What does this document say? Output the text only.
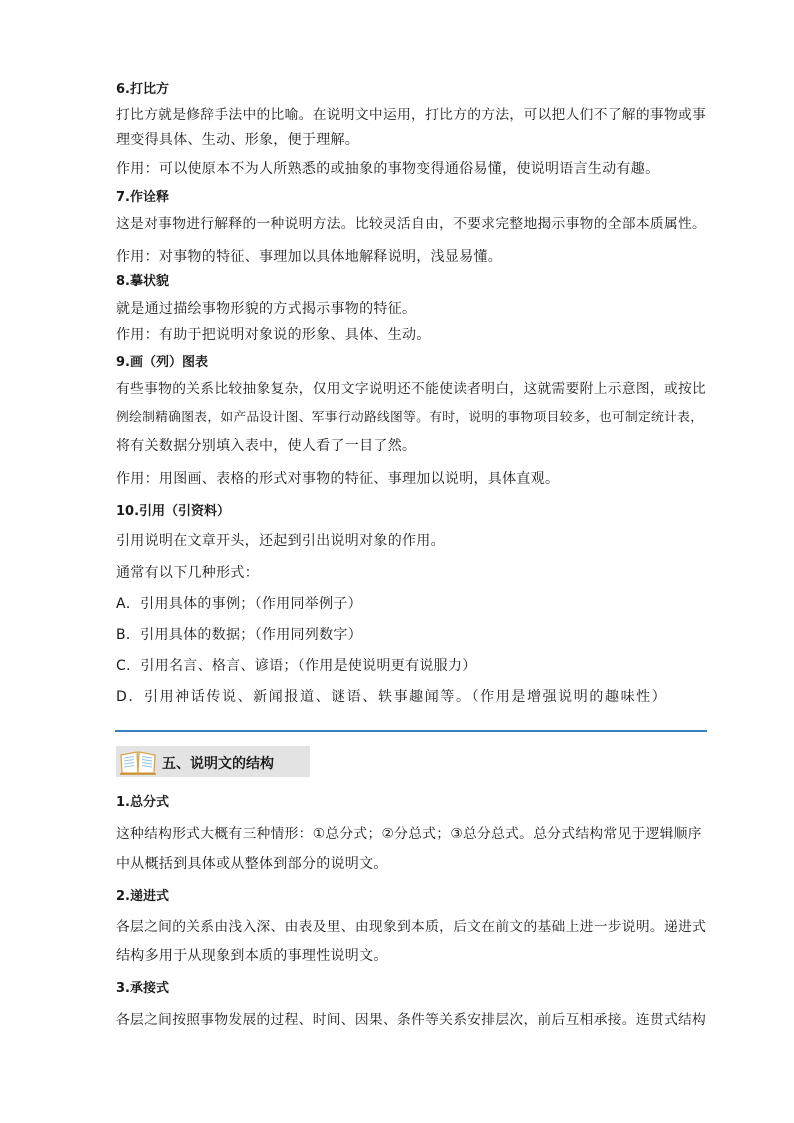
6.打比方
打比方就是修辞手法中的比喻。在说明文中运用，打比方的方法，可以把人们不了解的事物或事
理变得具体、生动、形象，便于理解。
作用：可以使原本不为人所熟悉的或抽象的事物变得通俗易懂，使说明语言生动有趣。
7.作诠释
这是对事物进行解释的一种说明方法。比较灵活自由，不要求完整地揭示事物的全部本质属性。
作用：对事物的特征、事理加以具体地解释说明，浅显易懂。
8.摹状貌
就是通过描绘事物形貌的方式揭示事物的特征。
作用：有助于把说明对象说的形象、具体、生动。
9.画（列）图表
有些事物的关系比较抽象复杂，仅用文字说明还不能使读者明白，这就需要附上示意图，或按比
例绘制精确图表，如产品设计图、军事行动路线图等。有时，说明的事物项目较多，也可制定统计表，
将有关数据分别填入表中，使人看了一目了然。
作用：用图画、表格的形式对事物的特征、事理加以说明，具体直观。
10.引用（引资料）
引用说明在文章开头，还起到引出说明对象的作用。
通常有以下几种形式：
A．引用具体的事例；（作用同举例子）
B．引用具体的数据；（作用同列数字）
C．引用名言、格言、谚语；（作用是使说明更有说服力）
D．引用神话传说、新闻报道、谜语、轶事趣闻等。（作用是增强说明的趣味性）
五、说明文的结构
1.总分式
这种结构形式大概有三种情形：①总分式；②分总式；③总分总式。总分式结构常见于逻辑顺序
中从概括到具体或从整体到部分的说明文。
2.递进式
各层之间的关系由浅入深、由表及里、由现象到本质，后文在前文的基础上进一步说明。递进式
结构多用于从现象到本质的事理性说明文。
3.承接式
各层之间按照事物发展的过程、时间、因果、条件等关系安排层次，前后互相承接。连贯式结构
